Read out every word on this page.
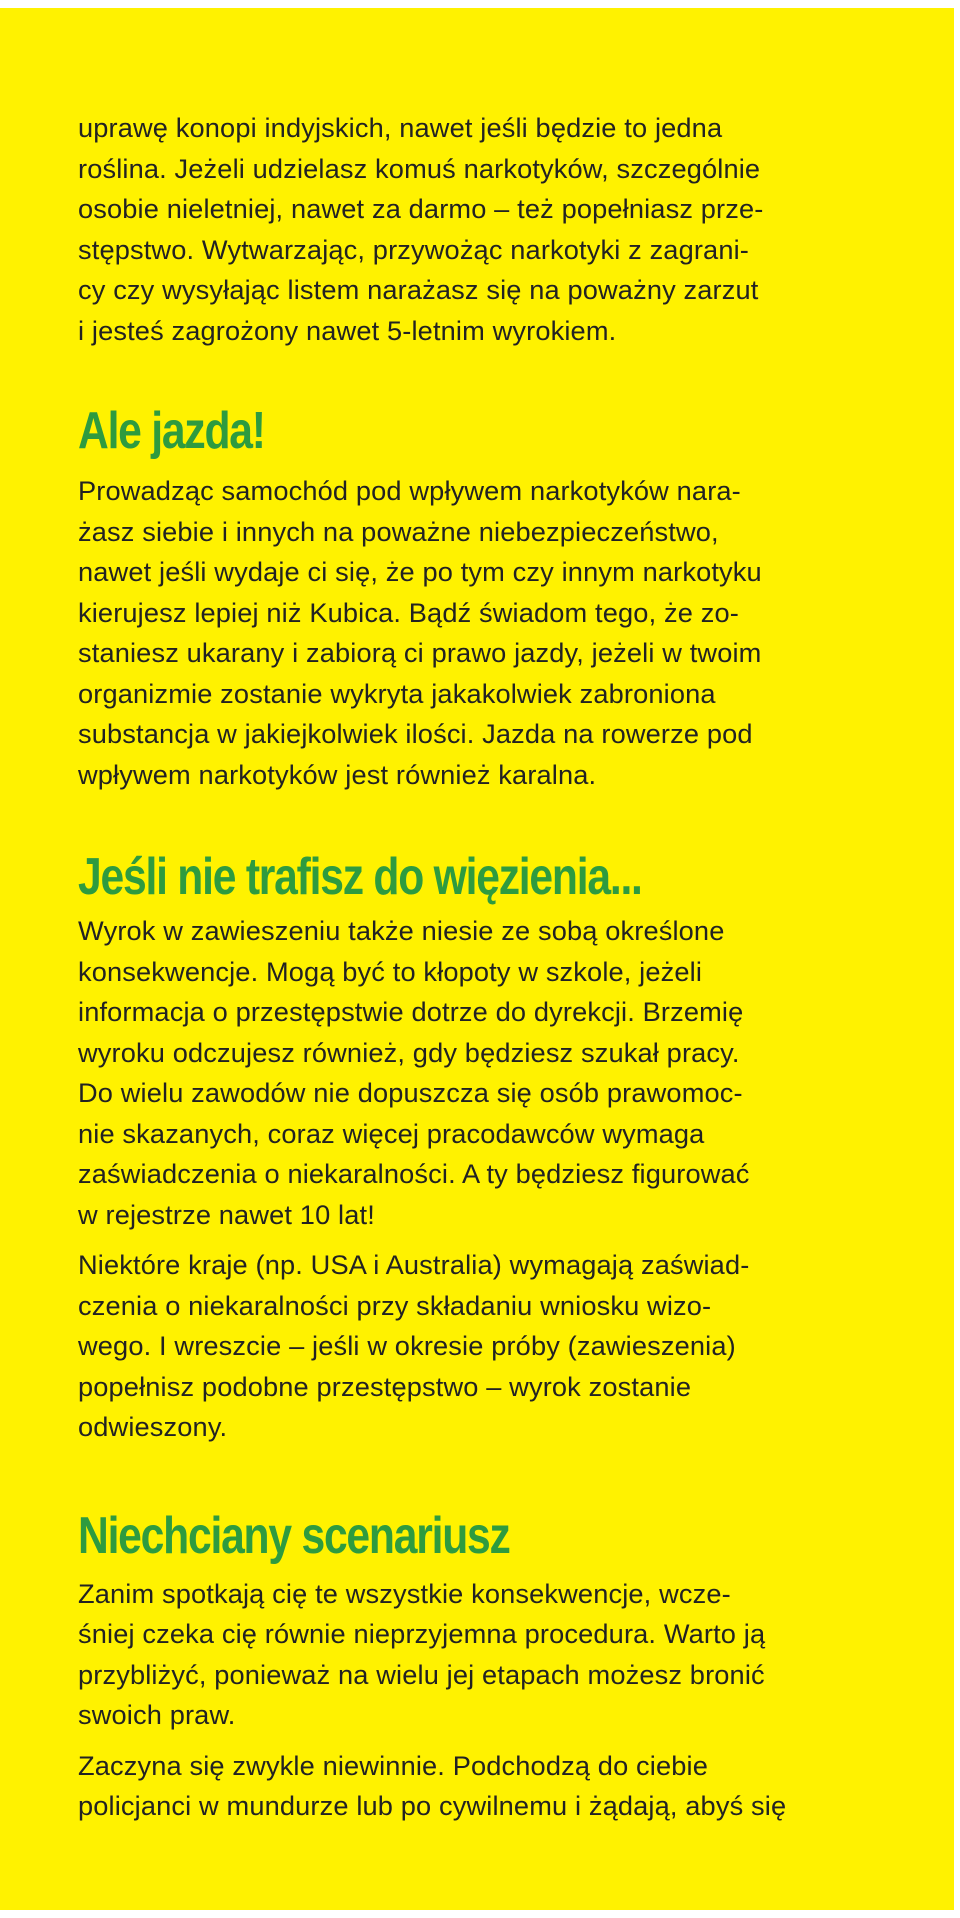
uprawę konopi indyjskich, nawet jeśli będzie to jedna
roślina. Jeżeli udzielasz komuś narkotyków, szczególnie
osobie nieletniej, nawet za darmo – też popełniasz prze-
stępstwo. Wytwarzając, przywożąc narkotyki z zagrani-
cy czy wysyłając listem narażasz się na poważny zarzut
i jesteś zagrożony nawet 5-letnim wyrokiem.

Ale jazda!

Prowadząc samochód pod wpływem narkotyków nara-
żasz siebie i innych na poważne niebezpieczeństwo,
nawet jeśli wydaje ci się, że po tym czy innym narkotyku
kierujesz lepiej niż Kubica. Bądź świadom tego, że zo-
staniesz ukarany i zabiorą ci prawo jazdy, jeżeli w twoim
organizmie zostanie wykryta jakakolwiek zabroniona
substancja w jakiejkolwiek ilości. Jazda na rowerze pod
wpływem narkotyków jest również karalna.

Jeśli nie trafisz do więzienia...

Wyrok w zawieszeniu także niesie ze sobą określone
konsekwencje. Mogą być to kłopoty w szkole, jeżeli
informacja o przestępstwie dotrze do dyrekcji. Brzemię
wyroku odczujesz również, gdy będziesz szukał pracy.
Do wielu zawodów nie dopuszcza się osób prawomoc-
nie skazanych, coraz więcej pracodawców wymaga
zaświadczenia o niekaralności. A ty będziesz figurować
w rejestrze nawet 10 lat!

Niektóre kraje (np. USA i Australia) wymagają zaświad-
czenia o niekaralności przy składaniu wniosku wizo-
wego. I wreszcie – jeśli w okresie próby (zawieszenia)
popełnisz podobne przestępstwo – wyrok zostanie
odwieszony.

Niechciany scenariusz

Zanim spotkają cię te wszystkie konsekwencje, wcze-
śniej czeka cię równie nieprzyjemna procedura. Warto ją
przybliżyć, ponieważ na wielu jej etapach możesz bronić
swoich praw.

Zaczyna się zwykle niewinnie. Podchodzą do ciebie
policjanci w mundurze lub po cywilnemu i żądają, abyś się
